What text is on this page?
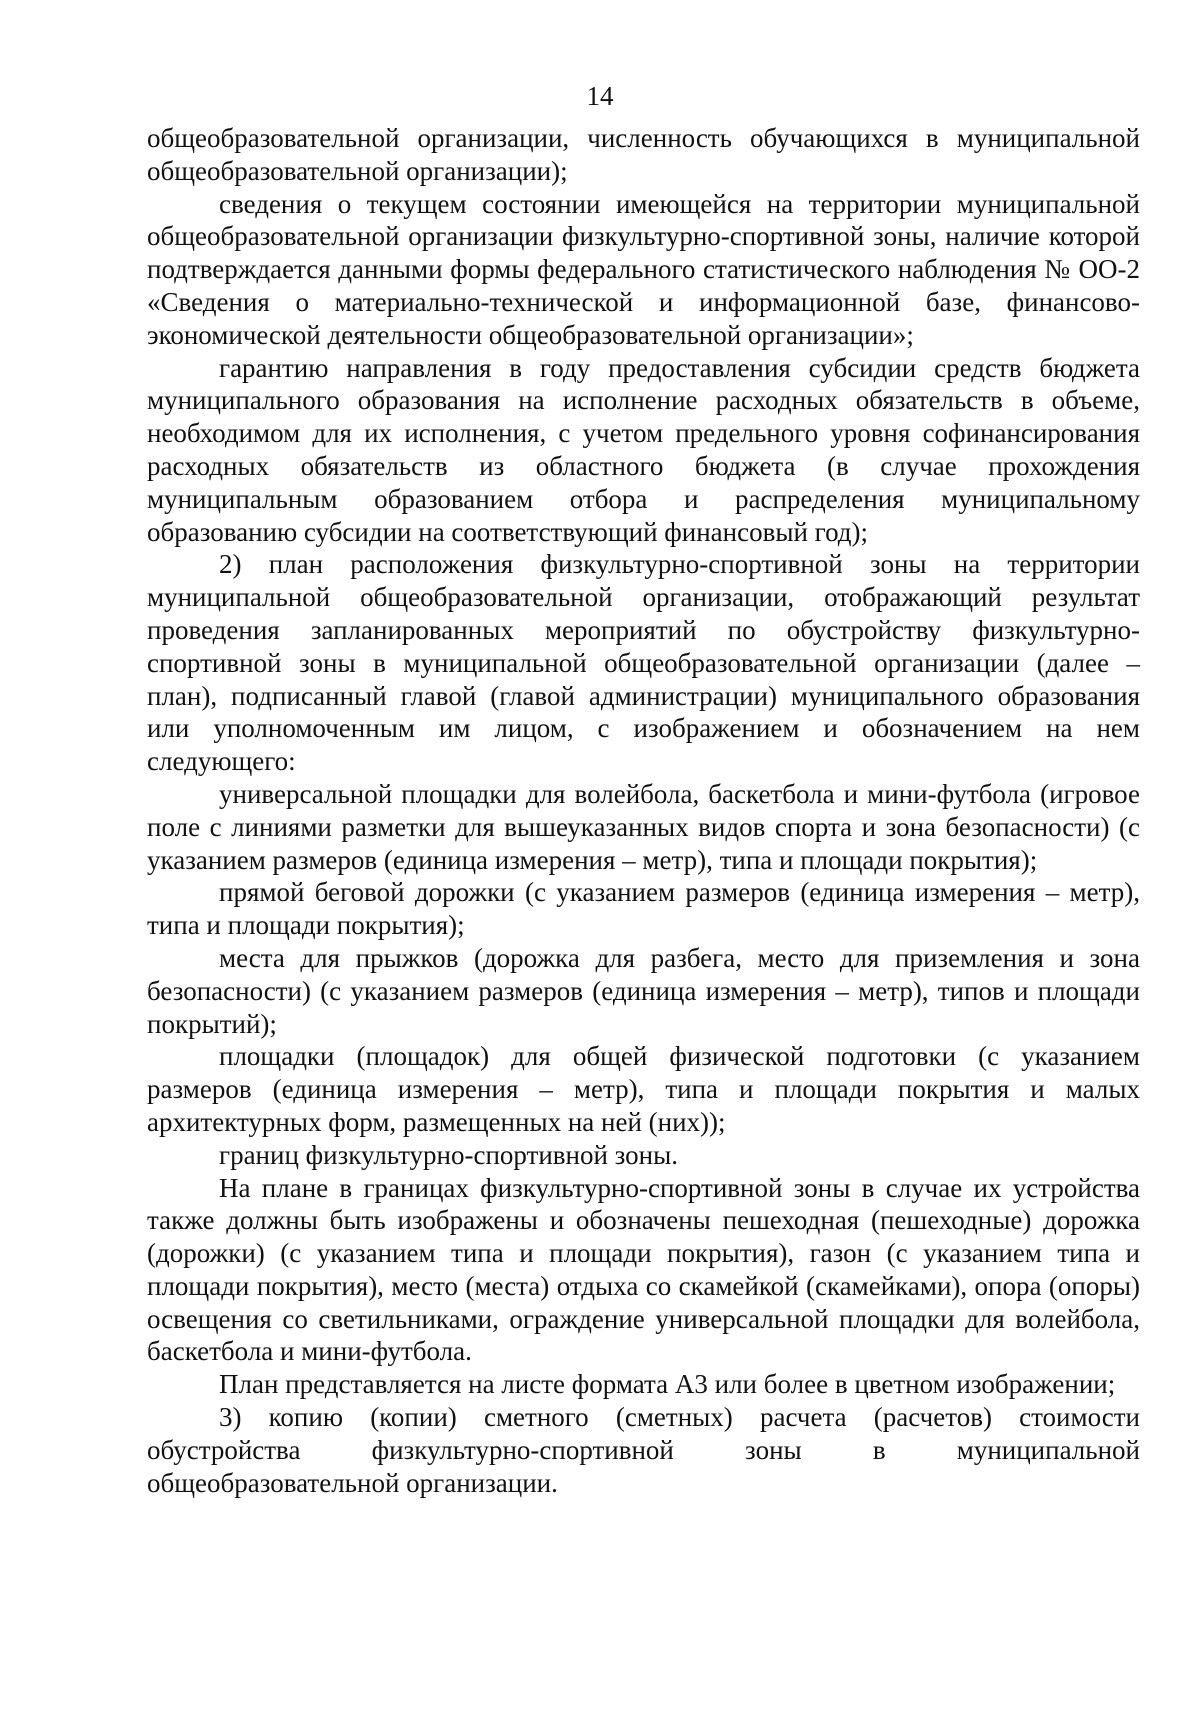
14

общеобразовательной организации, численность обучающихся в муниципальной общеобразовательной организации);

сведения о текущем состоянии имеющейся на территории муниципальной общеобразовательной организации физкультурно-спортивной зоны, наличие которой подтверждается данными формы федерального статистического наблюдения № ОО-2 «Сведения о материально-технической и информационной базе, финансово-экономической деятельности общеобразовательной организации»;

гарантию направления в году предоставления субсидии средств бюджета муниципального образования на исполнение расходных обязательств в объеме, необходимом для их исполнения, с учетом предельного уровня софинансирования расходных обязательств из областного бюджета (в случае прохождения муниципальным образованием отбора и распределения муниципальному образованию субсидии на соответствующий финансовый год);

2) план расположения физкультурно-спортивной зоны на территории муниципальной общеобразовательной организации, отображающий результат проведения запланированных мероприятий по обустройству физкультурно-спортивной зоны в муниципальной общеобразовательной организации (далее – план), подписанный главой (главой администрации) муниципального образования или уполномоченным им лицом, с изображением и обозначением на нем следующего:

универсальной площадки для волейбола, баскетбола и мини-футбола (игровое поле с линиями разметки для вышеуказанных видов спорта и зона безопасности) (с указанием размеров (единица измерения – метр), типа и площади покрытия);

прямой беговой дорожки (с указанием размеров (единица измерения – метр), типа и площади покрытия);

места для прыжков (дорожка для разбега, место для приземления и зона безопасности) (с указанием размеров (единица измерения – метр), типов и площади покрытий);

площадки (площадок) для общей физической подготовки (с указанием размеров (единица измерения – метр), типа и площади покрытия и малых архитектурных форм, размещенных на ней (них));

границ физкультурно-спортивной зоны.

На плане в границах физкультурно-спортивной зоны в случае их устройства также должны быть изображены и обозначены пешеходная (пешеходные) дорожка (дорожки) (с указанием типа и площади покрытия), газон (с указанием типа и площади покрытия), место (места) отдыха со скамейкой (скамейками), опора (опоры) освещения со светильниками, ограждение универсальной площадки для волейбола, баскетбола и мини-футбола.

План представляется на листе формата А3 или более в цветном изображении;

3) копию (копии) сметного (сметных) расчета (расчетов) стоимости обустройства физкультурно-спортивной зоны в муниципальной общеобразовательной организации.
